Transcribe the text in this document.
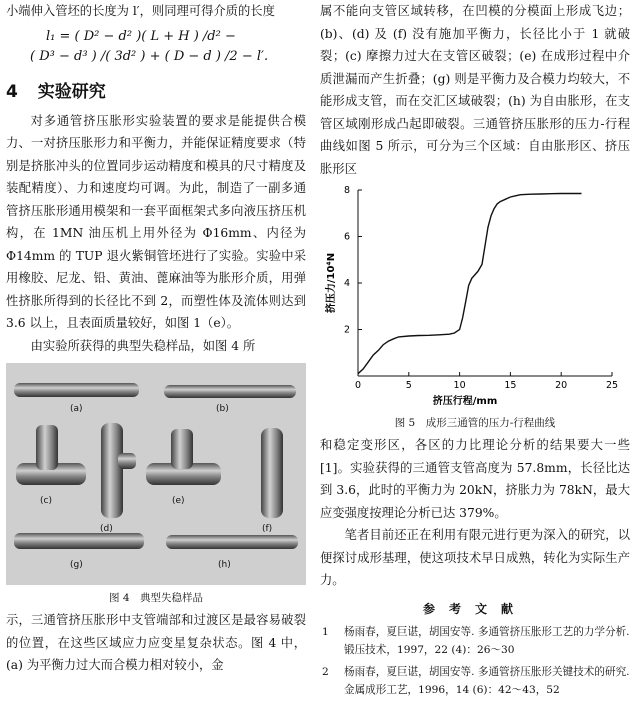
小端伸入管坯的长度为 l′，则同理可得介质的长度

l₁ = ( D² − d² )( L + H ) /d² −

( D³ − d³ ) /( 3d² ) + ( D − d ) /2 − l′.

4 实验研究

对多通管挤压胀形实验装置的要求是能提供合模力、一对挤压胀形力和平衡力，并能保证精度要求（特别是挤胀冲头的位置同步运动精度和模具的尺寸精度及装配精度）、力和速度均可调。为此，制造了一副多通管挤压胀形通用模架和一套平面框架式多向液压挤压机构，在 1MN 油压机上用外径为 Φ16mm、内径为 Φ14mm 的 TUP 退火紫铜管坯进行了实验。实验中采用橡胶、尼龙、铅、黄油、蓖麻油等为胀形介质，用弹性挤胀所得到的长径比不到 2，而塑性体及流体则达到 3.6 以上，且表面质量较好，如图 1（e）。

由实验所获得的典型失稳样品，如图 4 所

(a)	(b)
(c)
(d)
(e)
(f)
(g)	(h)

图 4　典型失稳样品

示，三通管挤压胀形中支管端部和过渡区是最容易破裂的位置，在这些区域应力应变星复杂状态。图 4 中，(a) 为平衡力过大而合模力相对较小，金

属不能向支管区域转移，在凹模的分模面上形成飞边；(b)、(d) 及 (f) 没有施加平衡力，长径比小于 1 就破裂；(c) 摩擦力过大在支管区破裂；(e) 在成形过程中介质泄漏而产生折叠；(g) 则是平衡力及合模力均较大，不能形成支管，而在交汇区域破裂；(h) 为自由胀形，在支管区域刚形成凸起即破裂。三通管挤压胀形的压力-行程曲线如图 5 所示，可分为三个区域：自由胀形区、挤压胀形区

0	5	10	15	20	25
2
4
6
8
挤压行程/mm
挤压力/10⁴N

图 5　成形三通管的压力-行程曲线

和稳定变形区，各区的力比理论分析的结果要大一些[1]。实验获得的三通管支管高度为 57.8mm，长径比达到 3.6，此时的平衡力为 20kN，挤胀力为 78kN，最大应变强度按理论分析已达 379%。

笔者目前还正在利用有限元进行更为深入的研究，以便探讨成形基理，使这项技术早日成熟，转化为实际生产力。

参考文献
1	杨雨春，夏巨谌，胡国安等. 多通管挤压胀形工艺的力学分析. 锻压技术，1997，22 (4)：26～30
2	杨雨春，夏巨谌，胡国安等. 多通管挤压胀形关键技术的研究. 金属成形工艺，1996，14 (6)：42～43，52
